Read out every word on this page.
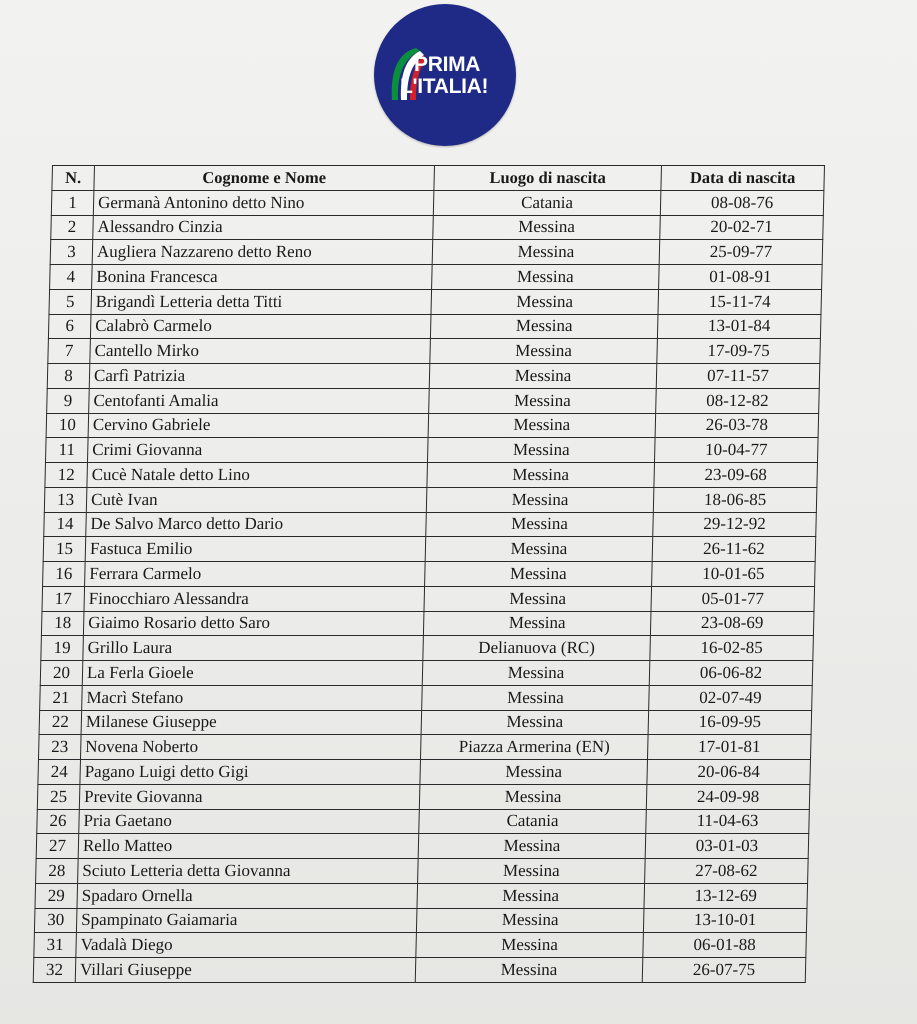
PRIMA
L'ITALIA!
N.	Cognome e Nome	Luogo di nascita	Data di nascita
1	Germanà Antonino detto Nino	Catania	08-08-76
2	Alessandro Cinzia	Messina	20-02-71
3	Augliera Nazzareno detto Reno	Messina	25-09-77
4	Bonina Francesca	Messina	01-08-91
5	Brigandì Letteria detta Titti	Messina	15-11-74
6	Calabrò Carmelo	Messina	13-01-84
7	Cantello Mirko	Messina	17-09-75
8	Carfì Patrizia	Messina	07-11-57
9	Centofanti Amalia	Messina	08-12-82
10	Cervino Gabriele	Messina	26-03-78
11	Crimi Giovanna	Messina	10-04-77
12	Cucè Natale detto Lino	Messina	23-09-68
13	Cutè Ivan	Messina	18-06-85
14	De Salvo Marco detto Dario	Messina	29-12-92
15	Fastuca Emilio	Messina	26-11-62
16	Ferrara Carmelo	Messina	10-01-65
17	Finocchiaro Alessandra	Messina	05-01-77
18	Giaimo Rosario detto Saro	Messina	23-08-69
19	Grillo Laura	Delianuova (RC)	16-02-85
20	La Ferla Gioele	Messina	06-06-82
21	Macrì Stefano	Messina	02-07-49
22	Milanese Giuseppe	Messina	16-09-95
23	Novena Noberto	Piazza Armerina (EN)	17-01-81
24	Pagano Luigi detto Gigi	Messina	20-06-84
25	Previte Giovanna	Messina	24-09-98
26	Pria Gaetano	Catania	11-04-63
27	Rello Matteo	Messina	03-01-03
28	Sciuto Letteria detta Giovanna	Messina	27-08-62
29	Spadaro Ornella	Messina	13-12-69
30	Spampinato Gaiamaria	Messina	13-10-01
31	Vadalà Diego	Messina	06-01-88
32	Villari Giuseppe	Messina	26-07-75
